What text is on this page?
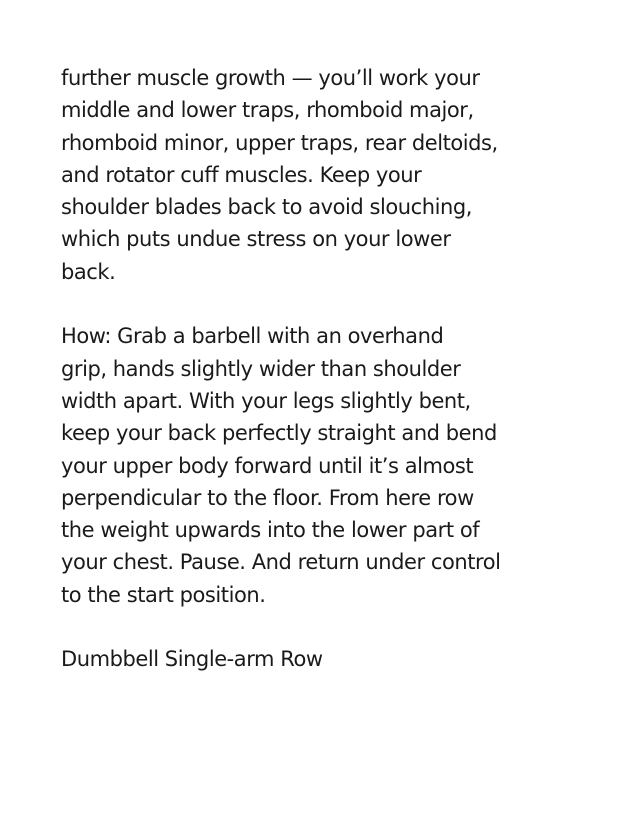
further muscle growth — you’ll work your
middle and lower traps, rhomboid major,
rhomboid minor, upper traps, rear deltoids,
and rotator cuff muscles. Keep your
shoulder blades back to avoid slouching,
which puts undue stress on your lower
back.
How: Grab a barbell with an overhand
grip, hands slightly wider than shoulder
width apart. With your legs slightly bent,
keep your back perfectly straight and bend
your upper body forward until it’s almost
perpendicular to the floor. From here row
the weight upwards into the lower part of
your chest. Pause. And return under control
to the start position.
Dumbbell Single-arm Row
